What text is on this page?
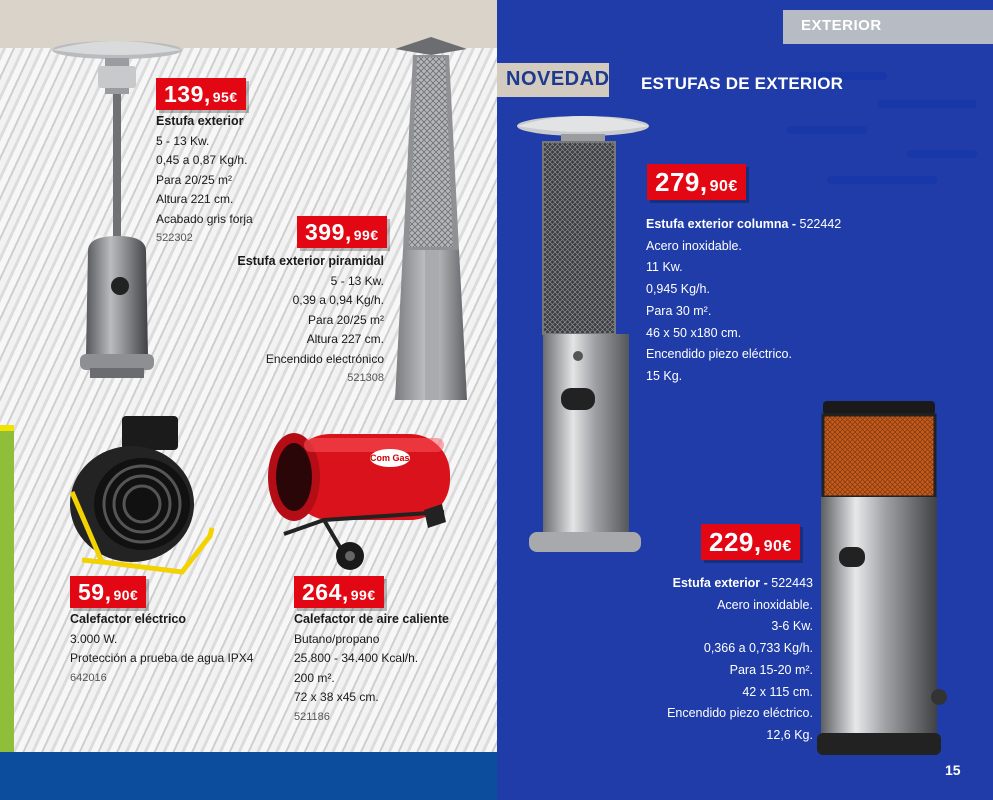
139, 95€
Estufa exterior
5 - 13 Kw.
0,45 a 0,87 Kg/h.
Para 20/25 m²
Altura 221 cm.
Acabado gris forja
522302	399, 99€
Estufa exterior piramidal
5 - 13 Kw.
0,39 a 0,94 Kg/h.
Para 20/25 m²
Altura 227 cm.
Encendido electrónico
521308
59, 90€
Calefactor eléctrico
3.000 W.
Protección a prueba de agua IPX4
642016
Com Gas
264, 99€
Calefactor de aire caliente
Butano/propano
25.800 - 34.400 Kcal/h.
200 m².
72 x 38 x45 cm.
521186
EXTERIOR
NOVEDAD ESTUFAS DE EXTERIOR
279, 90€
Estufa exterior columna - 522442
Acero inoxidable.
11 Kw.
0,945 Kg/h.
Para 30 m².
46 x 50 x180 cm.
Encendido piezo eléctrico.
15 Kg.
229, 90€
Estufa exterior - 522443
Acero inoxidable.
3-6 Kw.
0,366 a 0,733 Kg/h.
Para 15-20 m².
42 x 115 cm.
Encendido piezo eléctrico.
12,6 Kg.
15
